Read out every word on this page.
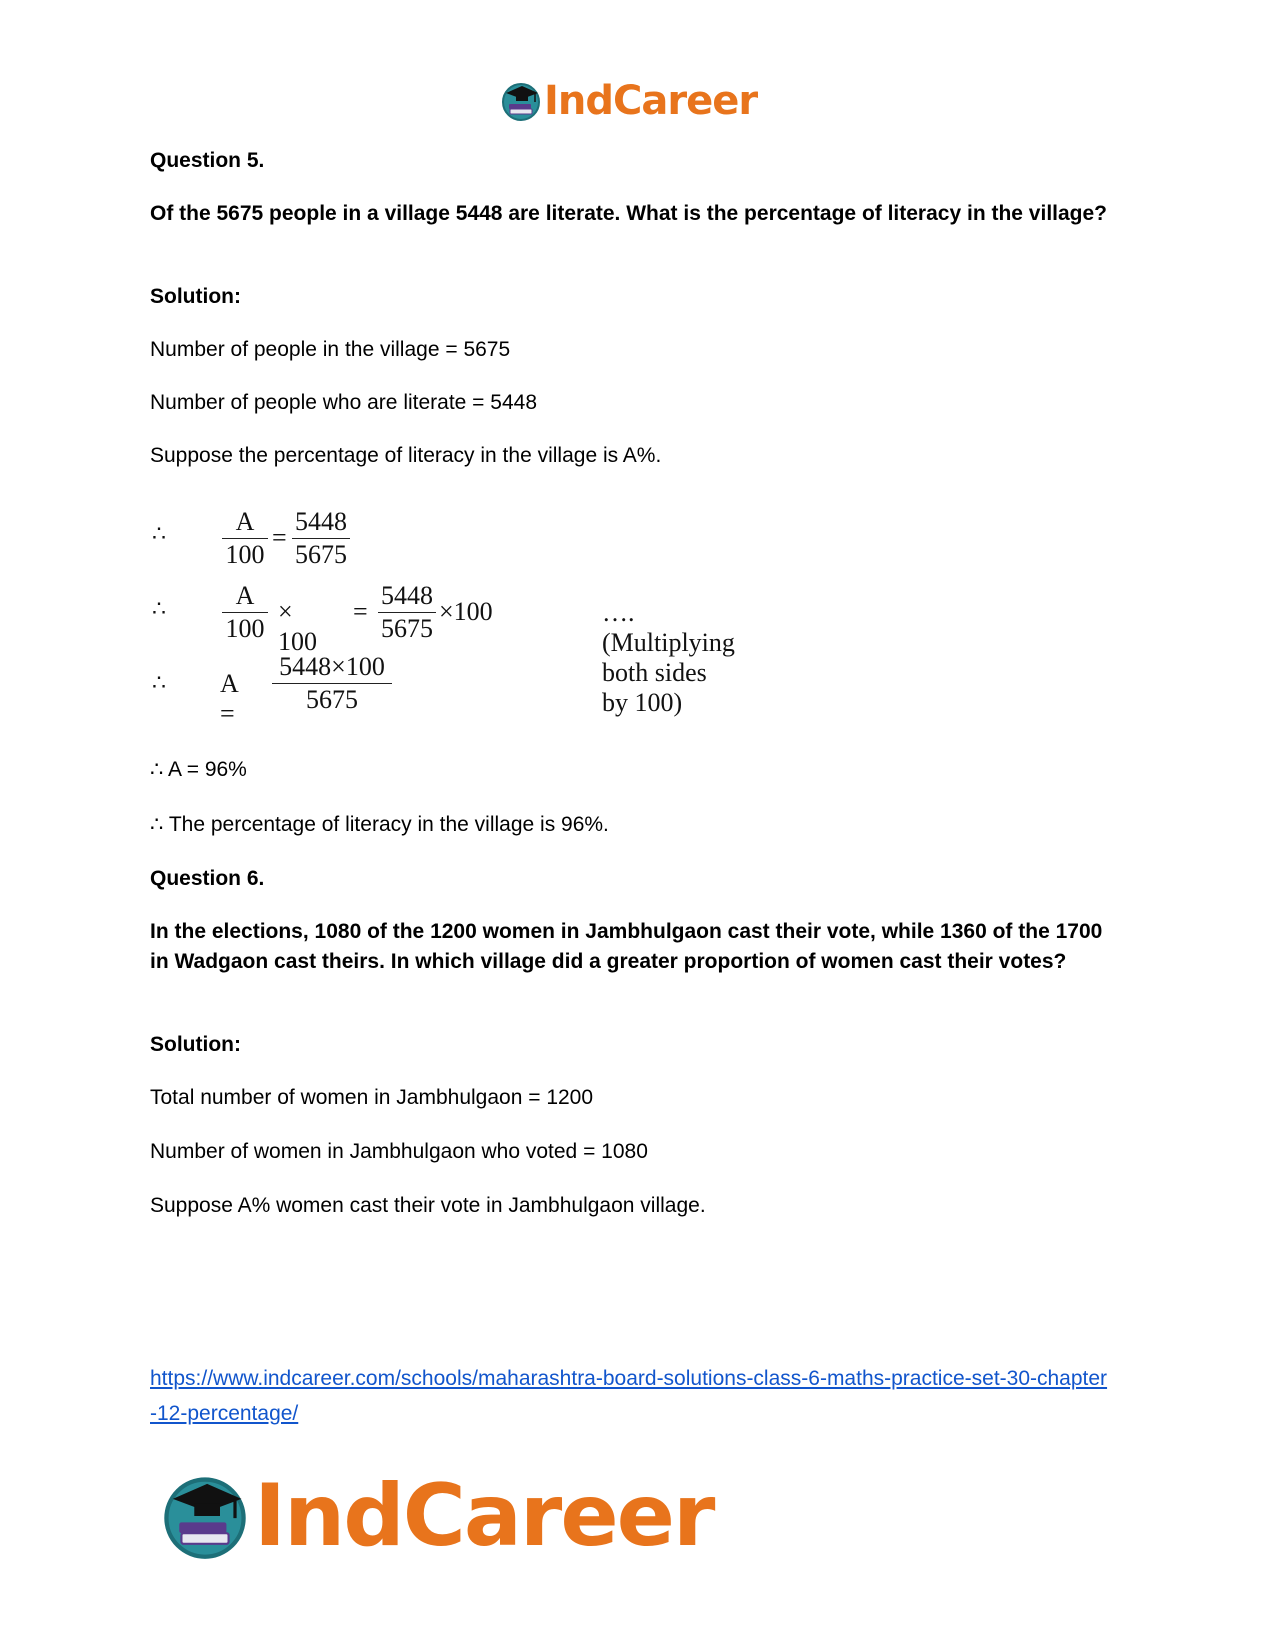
IndCareer

Question 5.

Of the 5675 people in a village 5448 are literate. What is the percentage of literacy in the village?

Solution:

Number of people in the village = 5675

Number of people who are literate = 5448

Suppose the percentage of literacy in the village is A%.

∴	A
100
=
5448
5675
∴	A
100
× 100
=
5448
5675
×100	….(Multiplying both sides by 100)
∴ A =
5448×100
5675

∴ A = 96%

∴ The percentage of literacy in the village is 96%.

Question 6.

In the elections, 1080 of the 1200 women in Jambhulgaon cast their vote, while 1360 of the 1700 in Wadgaon cast theirs. In which village did a greater proportion of women cast their votes?

Solution:

Total number of women in Jambhulgaon = 1200

Number of women in Jambhulgaon who voted = 1080

Suppose A% women cast their vote in Jambhulgaon village.

https://www.indcareer.com/schools/maharashtra-board-solutions-class-6-maths-practice-set-30-chapter-12-percentage/

IndCareer
